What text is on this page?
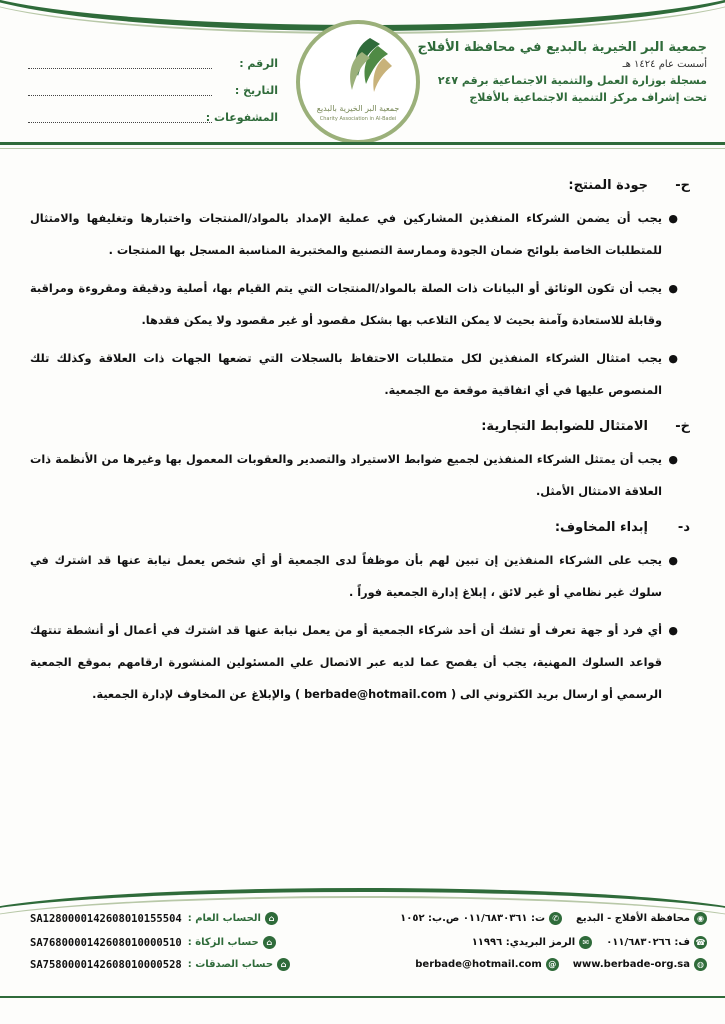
جمعية البر الخيرية بالبديع في محافظة الأفلاج
أسست عام ١٤٢٤ هـ
مسجلة بوزارة العمل والتنمية الاجتماعية برقم ٢٤٧
تحت إشراف مركز التنمية الاجتماعية بالأفلاج
جمعية البر الخيرية بالبديع
Charity Association in Al-Badei
الرقم :
التاريخ :
المشفوعات :
ح-جودة المنتج:
●
يجب أن يضمن الشركاء المنفذين المشاركين في عملية الإمداد بالمواد/المنتجات واختبارها وتغليفها والامتثال للمتطلبات الخاصة بلوائح ضمان الجودة وممارسة التصنيع والمختبرية المناسبة المسجل بها المنتجات .
●
يجب أن تكون الوثائق أو البيانات ذات الصلة بالمواد/المنتجات التي يتم القيام بها، أصلية ودقيقة ومقروءة ومراقبة وقابلة للاستعادة وآمنة بحيث لا يمكن التلاعب بها بشكل مقصود أو غير مقصود ولا يمكن فقدها.
●
يجب امتثال الشركاء المنفذين لكل متطلبات الاحتفاظ بالسجلات التي تضعها الجهات ذات العلاقة وكذلك تلك المنصوص عليها في أي اتفاقية موقعة مع الجمعية.
خ-الامتثال للضوابط التجارية:
●
يجب أن يمتثل الشركاء المنفذين لجميع ضوابط الاستيراد والتصدير والعقوبات المعمول بها وغيرها من الأنظمة ذات العلاقة الامتثال الأمثل.
د-إبداء المخاوف:
●
يجب على الشركاء المنفذين إن تبين لهم بأن موظفاً لدى الجمعية أو أي شخص يعمل نيابة عنها قد اشترك في سلوك غير نظامي أو غير لائق ، إبلاغ إدارة الجمعية فوراً .
●
أي فرد أو جهة تعرف أو تشك أن أحد شركاء الجمعية أو من يعمل نيابة عنها قد اشترك في أعمال أو أنشطة تنتهك قواعد السلوك المهنية، يجب أن يفصح عما لديه عبر الاتصال علي المسئولين المنشورة ارقامهم بموقع الجمعية الرسمي أو ارسال بريد الكتروني الى ( berbade@hotmail.com ) والإبلاغ عن المخاوف لإدارة الجمعية.
◉
محافظة الأفلاج - البديع
✆
ت: ٠١١/٦٨٣٠٣٦١ ص.ب: ١٠٥٢
☎
ف: ٠١١/٦٨٣٠٢٦٦
✉
الرمز البريدي: ١١٩٩٦
◍
www.berbade-org.sa
@
berbade@hotmail.com
⌂
الحساب العام :
SA1280000142608010155504
⌂
حساب الزكاة :
SA7680000142608010000510
⌂
حساب الصدقات :
SA7580000142608010000528
